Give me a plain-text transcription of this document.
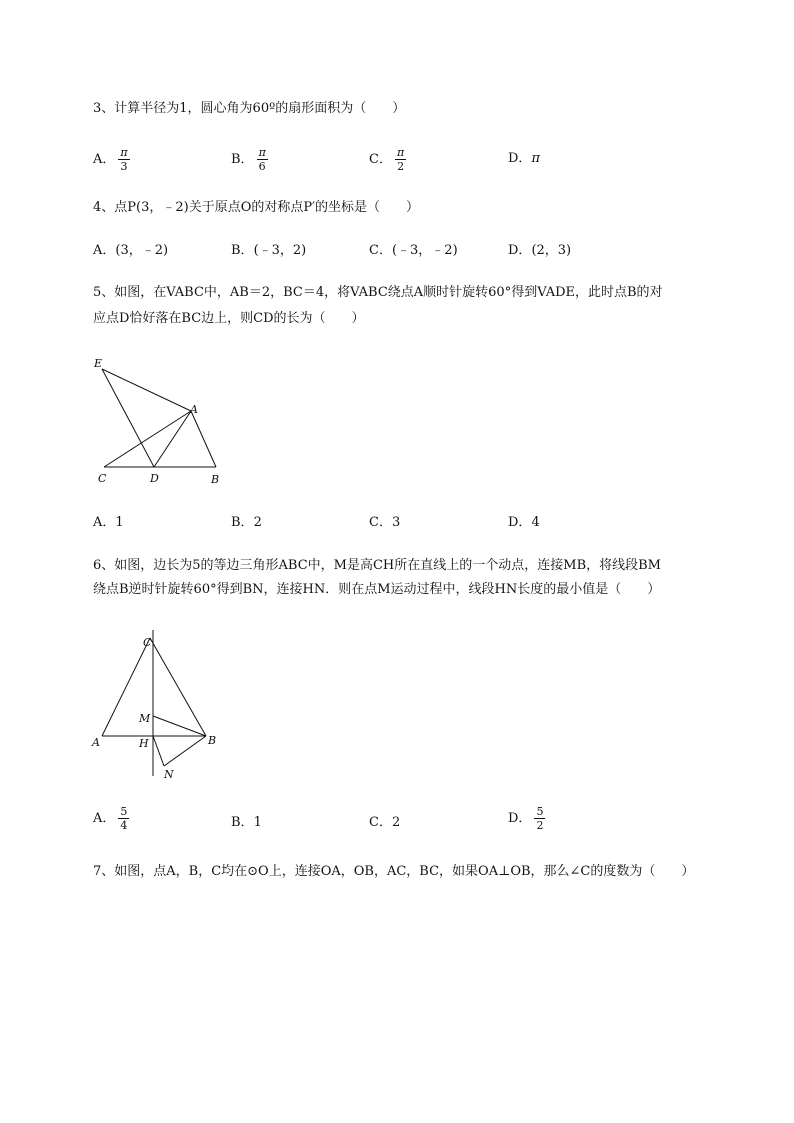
3、计算半径为1，圆心角为60º的扇形面积为（　　）
A． $\frac{\pi}{3}$	B． $\frac{\pi}{6}$	C． $\frac{\pi}{2}$	D．π
4、点P(3，﹣2)关于原点O的对称点P′的坐标是（　　）
A．(3，﹣2)	B．(﹣3，2)	C．(﹣3，﹣2)	D．(2，3)
5、如图，在VABC中，AB＝2，BC＝4，将VABC绕点A顺时针旋转60°得到VADE，此时点B的对
应点D恰好落在BC边上，则CD的长为（　　）
E
A
C	D	B
A．1	B．2	C．3	D．4
6、如图，边长为5的等边三角形ABC中，M是高CH所在直线上的一个动点，连接MB，将线段BM
绕点B逆时针旋转60°得到BN，连接HN．则在点M运动过程中，线段HN长度的最小值是（　　）
C
M
A	H	B
N
A． $\frac{5}{4}$	B．1	C．2	D． $\frac{5}{2}$
7、如图，点A，B，C均在⊙O上，连接OA，OB，AC，BC，如果OA⊥OB，那么∠C的度数为（　　）
